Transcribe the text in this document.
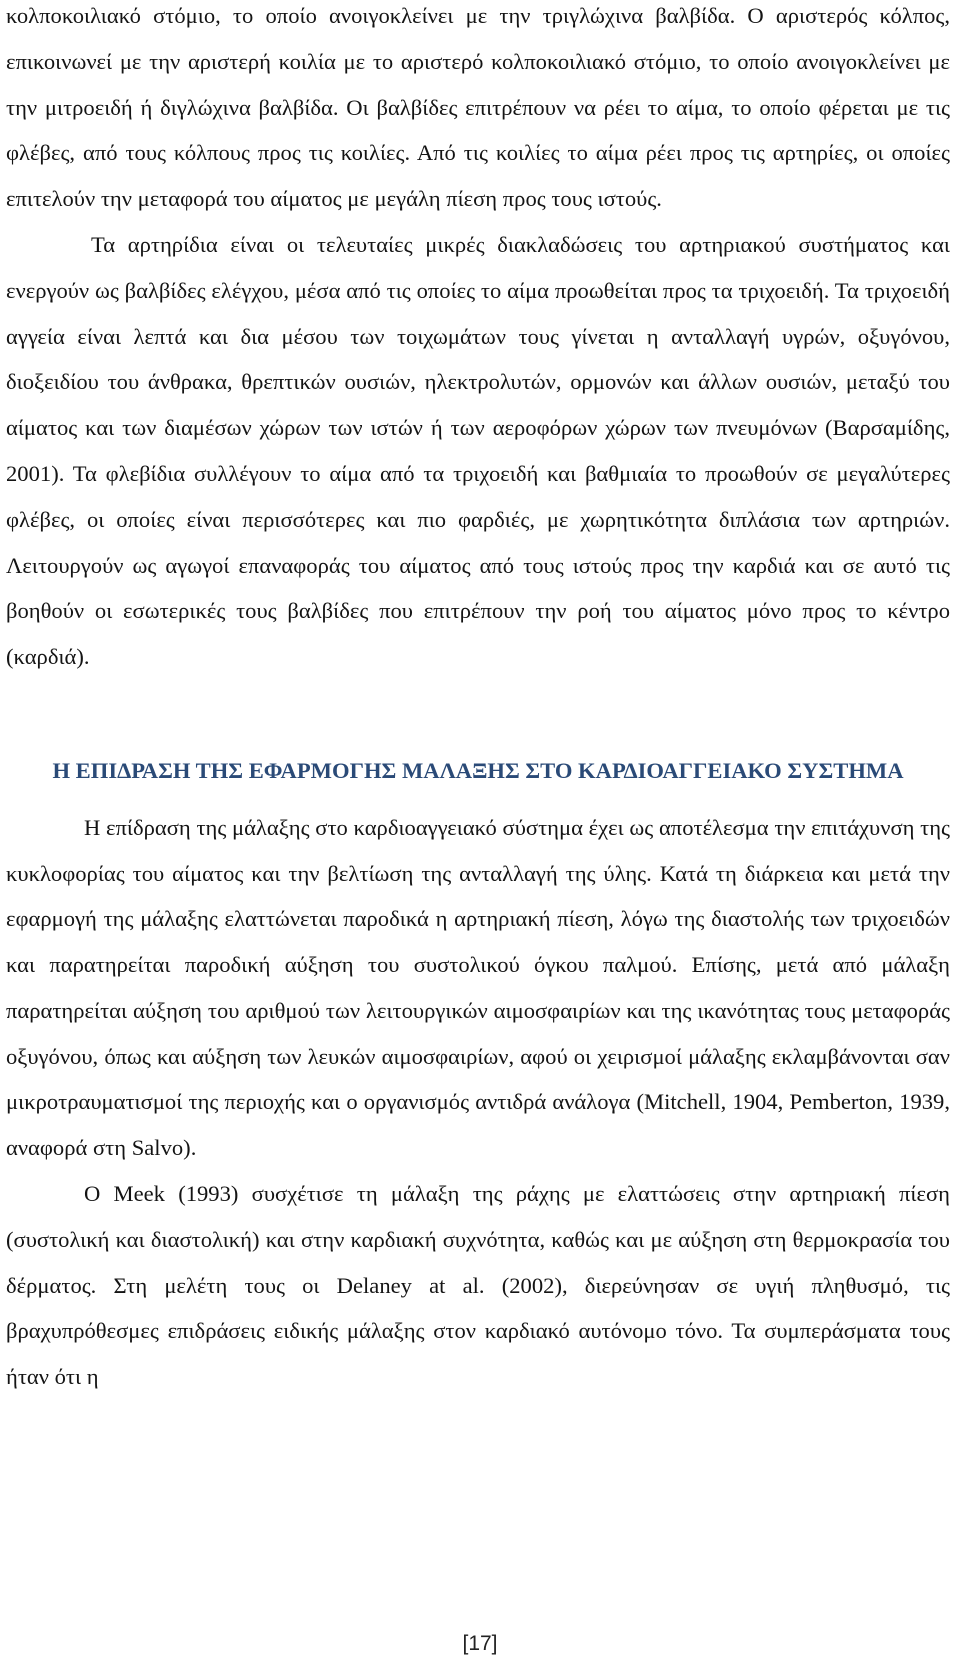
κολποκοιλιακό στόμιο, το οποίο ανοιγοκλείνει με την τριγλώχινα βαλβίδα. Ο αριστερός κόλπος, επικοινωνεί με την αριστερή κοιλία με το αριστερό κολποκοιλιακό στόμιο, το οποίο ανοιγοκλείνει με την μιτροειδή ή διγλώχινα βαλβίδα. Οι βαλβίδες επιτρέπουν να ρέει το αίμα, το οποίο φέρεται με τις φλέβες, από τους κόλπους προς τις κοιλίες. Από τις κοιλίες το αίμα ρέει προς τις αρτηρίες, οι οποίες επιτελούν την μεταφορά του αίματος με μεγάλη πίεση προς τους ιστούς.

Τα αρτηρίδια είναι οι τελευταίες μικρές διακλαδώσεις του αρτηριακού συστήματος και ενεργούν ως βαλβίδες ελέγχου, μέσα από τις οποίες το αίμα προωθείται προς τα τριχοειδή. Τα τριχοειδή αγγεία είναι λεπτά και δια μέσου των τοιχωμάτων τους γίνεται η ανταλλαγή υγρών, οξυγόνου, διοξειδίου του άνθρακα, θρεπτικών ουσιών, ηλεκτρολυτών, ορμονών και άλλων ουσιών, μεταξύ του αίματος και των διαμέσων χώρων των ιστών ή των αεροφόρων χώρων των πνευμόνων (Βαρσαμίδης, 2001). Τα φλεβίδια συλλέγουν το αίμα από τα τριχοειδή και βαθμιαία το προωθούν σε μεγαλύτερες φλέβες, οι οποίες είναι περισσότερες και πιο φαρδιές, με χωρητικότητα διπλάσια των αρτηριών. Λειτουργούν ως αγωγοί επαναφοράς του αίματος από τους ιστούς προς την καρδιά και σε αυτό τις βοηθούν οι εσωτερικές τους βαλβίδες που επιτρέπουν την ροή του αίματος μόνο προς το κέντρο (καρδιά).

Η ΕΠΙΔΡΑΣΗ ΤΗΣ ΕΦΑΡΜΟΓΗΣ ΜΑΛΑΞΗΣ ΣΤΟ ΚΑΡΔΙΟΑΓΓΕΙΑΚΟ ΣΥΣΤΗΜΑ

Η επίδραση της μάλαξης στο καρδιοαγγειακό σύστημα έχει ως αποτέλεσμα την επιτάχυνση της κυκλοφορίας του αίματος και την βελτίωση της ανταλλαγή της ύλης. Κατά τη διάρκεια και μετά την εφαρμογή της μάλαξης ελαττώνεται παροδικά η αρτηριακή πίεση, λόγω της διαστολής των τριχοειδών και παρατηρείται παροδική αύξηση του συστολικού όγκου παλμού. Επίσης, μετά από μάλαξη παρατηρείται αύξηση του αριθμού των λειτουργικών αιμοσφαιρίων και της ικανότητας τους μεταφοράς οξυγόνου, όπως και αύξηση των λευκών αιμοσφαιρίων, αφού οι χειρισμοί μάλαξης εκλαμβάνονται σαν μικροτραυματισμοί της περιοχής και ο οργανισμός αντιδρά ανάλογα (Mitchell, 1904, Pemberton, 1939, αναφορά στη Salvo).

Ο Meek (1993) συσχέτισε τη μάλαξη της ράχης με ελαττώσεις στην αρτηριακή πίεση (συστολική και διαστολική) και στην καρδιακή συχνότητα, καθώς και με αύξηση στη θερμοκρασία του δέρματος. Στη μελέτη τους οι Delaney at al. (2002), διερεύνησαν σε υγιή πληθυσμό, τις βραχυπρόθεσμες επιδράσεις ειδικής μάλαξης στον καρδιακό αυτόνομο τόνο. Τα συμπεράσματα τους ήταν ότι η

[17]
